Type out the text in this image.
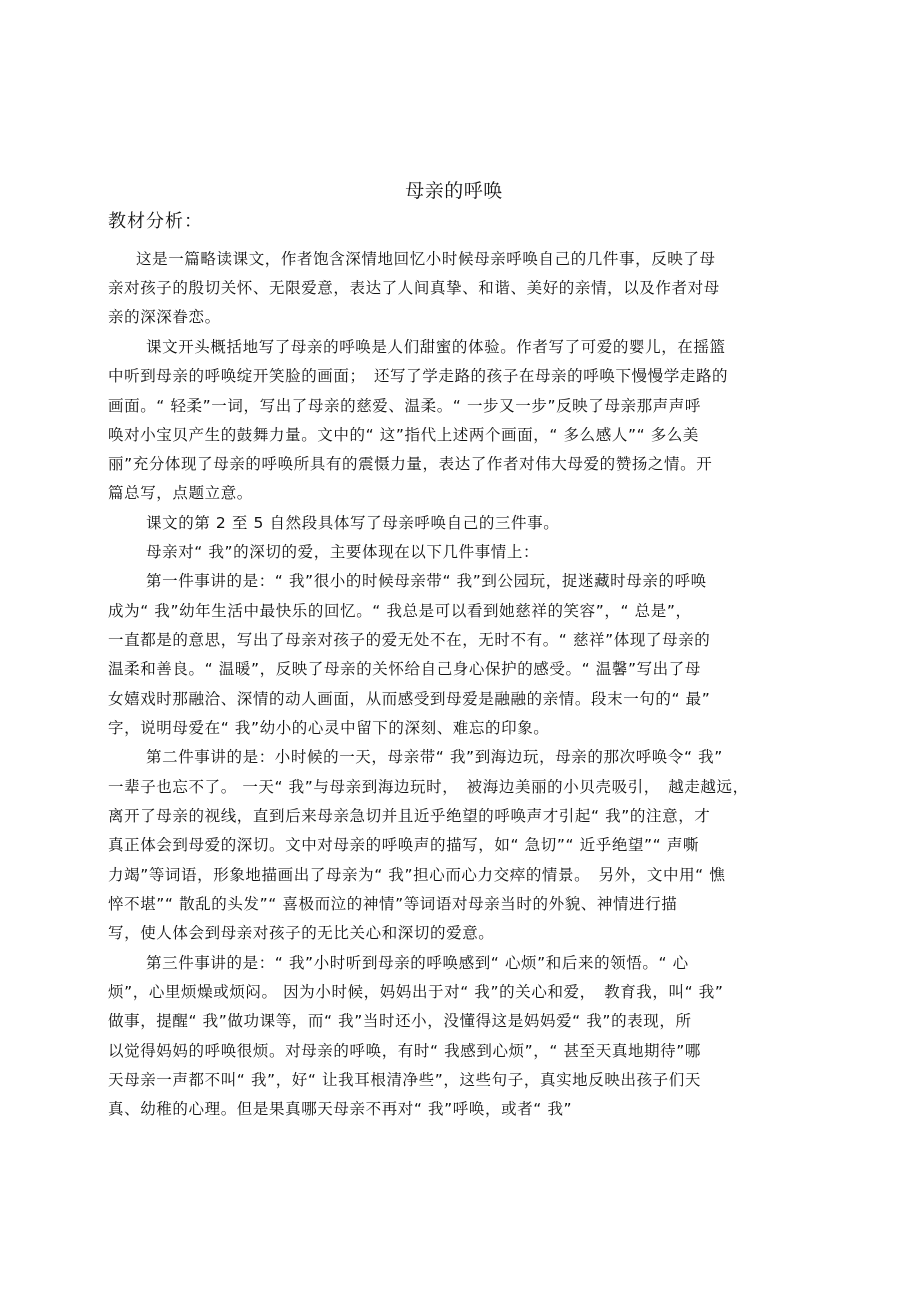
母亲的呼唤
教材分析：
这是一篇略读课文，作者饱含深情地回忆小时候母亲呼唤自己的几件事，反映了母
亲对孩子的殷切关怀、无限爱意，表达了人间真挚、和谐、美好的亲情，以及作者对母
亲的深深眷恋。
课文开头概括地写了母亲的呼唤是人们甜蜜的体验。作者写了可爱的婴儿，在摇篮
中听到母亲的呼唤绽开笑脸的画面；　还写了学走路的孩子在母亲的呼唤下慢慢学走路的
画面。“ 轻柔”一词，写出了母亲的慈爱、温柔。“ 一步又一步”反映了母亲那声声呼
唤对小宝贝产生的鼓舞力量。文中的“ 这”指代上述两个画面，“ 多么感人”“ 多么美
丽”充分体现了母亲的呼唤所具有的震慑力量，表达了作者对伟大母爱的赞扬之情。开
篇总写，点题立意。
课文的第 2 至 5 自然段具体写了母亲呼唤自己的三件事。
母亲对“ 我”的深切的爱，主要体现在以下几件事情上：
第一件事讲的是：“ 我”很小的时候母亲带“ 我”到公园玩，捉迷藏时母亲的呼唤
成为“ 我”幼年生活中最快乐的回忆。“ 我总是可以看到她慈祥的笑容”，“ 总是”，
一直都是的意思，写出了母亲对孩子的爱无处不在，无时不有。“ 慈祥”体现了母亲的
温柔和善良。“ 温暖”，反映了母亲的关怀给自己身心保护的感受。“ 温馨”写出了母
女嬉戏时那融洽、深情的动人画面，从而感受到母爱是融融的亲情。段末一句的“ 最”
字，说明母爱在“ 我”幼小的心灵中留下的深刻、难忘的印象。
第二件事讲的是：小时候的一天，母亲带“ 我”到海边玩，母亲的那次呼唤令“ 我”
一辈子也忘不了。 一天“ 我”与母亲到海边玩时，　被海边美丽的小贝壳吸引，　越走越远，
离开了母亲的视线，直到后来母亲急切并且近乎绝望的呼唤声才引起“ 我”的注意，才
真正体会到母爱的深切。文中对母亲的呼唤声的描写，如“ 急切”“ 近乎绝望”“ 声嘶
力竭”等词语，形象地描画出了母亲为“ 我”担心而心力交瘁的情景。　另外，文中用“ 憔
悴不堪”“ 散乱的头发”“ 喜极而泣的神情”等词语对母亲当时的外貌、神情进行描
写，使人体会到母亲对孩子的无比关心和深切的爱意。
第三件事讲的是：“ 我”小时听到母亲的呼唤感到“ 心烦”和后来的领悟。“ 心
烦”，心里烦燥或烦闷。 因为小时候，妈妈出于对“ 我”的关心和爱，　教育我，叫“ 我”
做事，提醒“ 我”做功课等，而“ 我”当时还小，没懂得这是妈妈爱“ 我”的表现，所
以觉得妈妈的呼唤很烦。对母亲的呼唤，有时“ 我感到心烦”，“ 甚至天真地期待”哪
天母亲一声都不叫“ 我”，好“ 让我耳根清净些”，这些句子，真实地反映出孩子们天
真、幼稚的心理。但是果真哪天母亲不再对“ 我”呼唤，或者“ 我”
